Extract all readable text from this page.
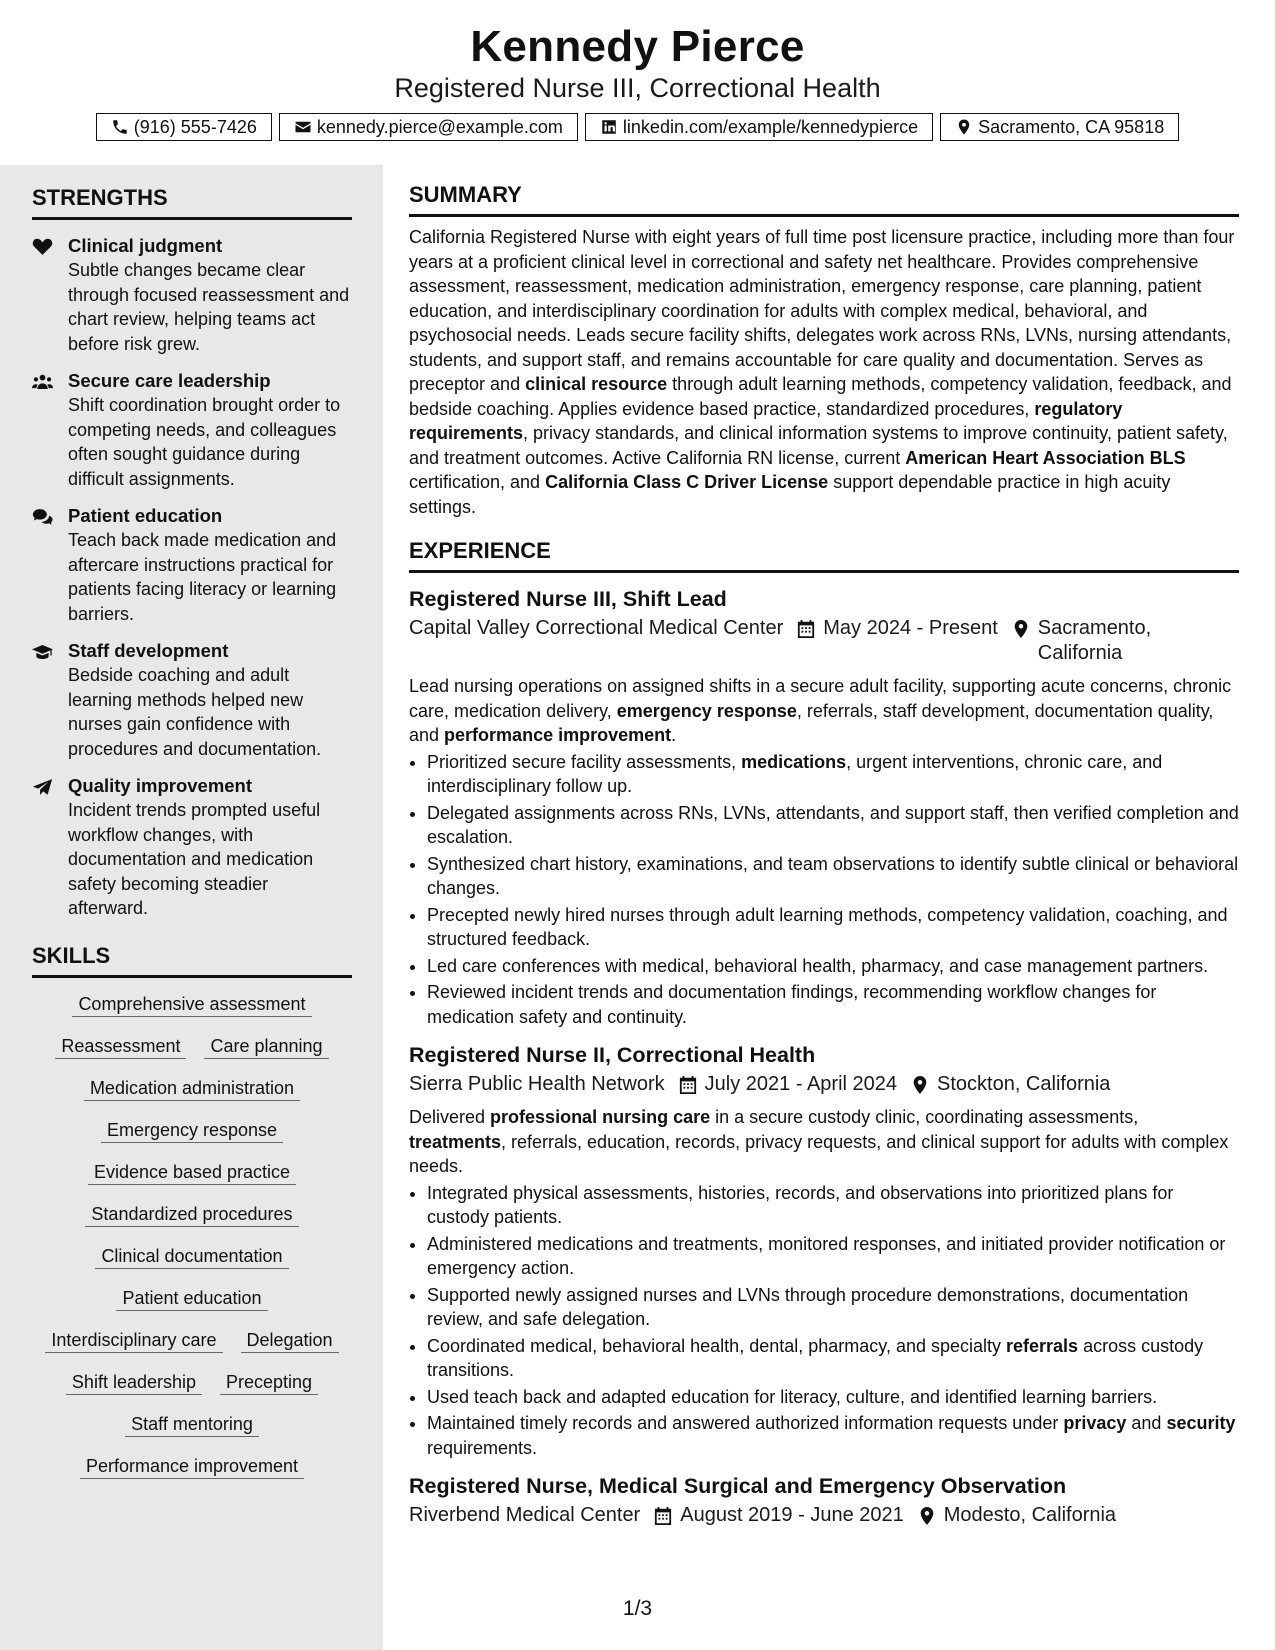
Kennedy Pierce
Registered Nurse III, Correctional Health
(916) 555-7426	kennedy.pierce@example.com	linkedin.com/example/kennedypierce	Sacramento, CA 95818
STRENGTHS
Clinical judgment
Subtle changes became clear through focused reassessment and chart review, helping teams act before risk grew.
Secure care leadership
Shift coordination brought order to competing needs, and colleagues often sought guidance during difficult assignments.
Patient education
Teach back made medication and aftercare instructions practical for patients facing literacy or learning barriers.
Staff development
Bedside coaching and adult learning methods helped new nurses gain confidence with procedures and documentation.
Quality improvement
Incident trends prompted useful workflow changes, with documentation and medication safety becoming steadier afterward.
SKILLS
Comprehensive assessment
Reassessment	Care planning
Medication administration
Emergency response
Evidence based practice
Standardized procedures
Clinical documentation
Patient education
Interdisciplinary care	Delegation
Shift leadership	Precepting
Staff mentoring
Performance improvement
SUMMARY
California Registered Nurse with eight years of full time post licensure practice, including more than four years at a proficient clinical level in correctional and safety net healthcare. Provides comprehensive assessment, reassessment, medication administration, emergency response, care planning, patient education, and interdisciplinary coordination for adults with complex medical, behavioral, and psychosocial needs. Leads secure facility shifts, delegates work across RNs, LVNs, nursing attendants, students, and support staff, and remains accountable for care quality and documentation. Serves as preceptor and clinical resource through adult learning methods, competency validation, feedback, and bedside coaching. Applies evidence based practice, standardized procedures, regulatory requirements, privacy standards, and clinical information systems to improve continuity, patient safety, and treatment outcomes. Active California RN license, current American Heart Association BLS certification, and California Class C Driver License support dependable practice in high acuity settings.
EXPERIENCE
Registered Nurse III, Shift Lead
Capital Valley Correctional Medical Center May 2024 - Present Sacramento, California
Lead nursing operations on assigned shifts in a secure adult facility, supporting acute concerns, chronic care, medication delivery, emergency response, referrals, staff development, documentation quality, and performance improvement.
• Prioritized secure facility assessments, medications, urgent interventions, chronic care, and interdisciplinary follow up.
• Delegated assignments across RNs, LVNs, attendants, and support staff, then verified completion and escalation.
• Synthesized chart history, examinations, and team observations to identify subtle clinical or behavioral changes.
• Precepted newly hired nurses through adult learning methods, competency validation, coaching, and structured feedback.
• Led care conferences with medical, behavioral health, pharmacy, and case management partners.
• Reviewed incident trends and documentation findings, recommending workflow changes for medication safety and continuity.
Registered Nurse II, Correctional Health
Sierra Public Health Network July 2021 - April 2024 Stockton, California
Delivered professional nursing care in a secure custody clinic, coordinating assessments, treatments, referrals, education, records, privacy requests, and clinical support for adults with complex needs.
• Integrated physical assessments, histories, records, and observations into prioritized plans for custody patients.
• Administered medications and treatments, monitored responses, and initiated provider notification or emergency action.
• Supported newly assigned nurses and LVNs through procedure demonstrations, documentation review, and safe delegation.
• Coordinated medical, behavioral health, dental, pharmacy, and specialty referrals across custody transitions.
• Used teach back and adapted education for literacy, culture, and identified learning barriers.
• Maintained timely records and answered authorized information requests under privacy and security requirements.
Registered Nurse, Medical Surgical and Emergency Observation
Riverbend Medical Center August 2019 - June 2021 Modesto, California
1/3
